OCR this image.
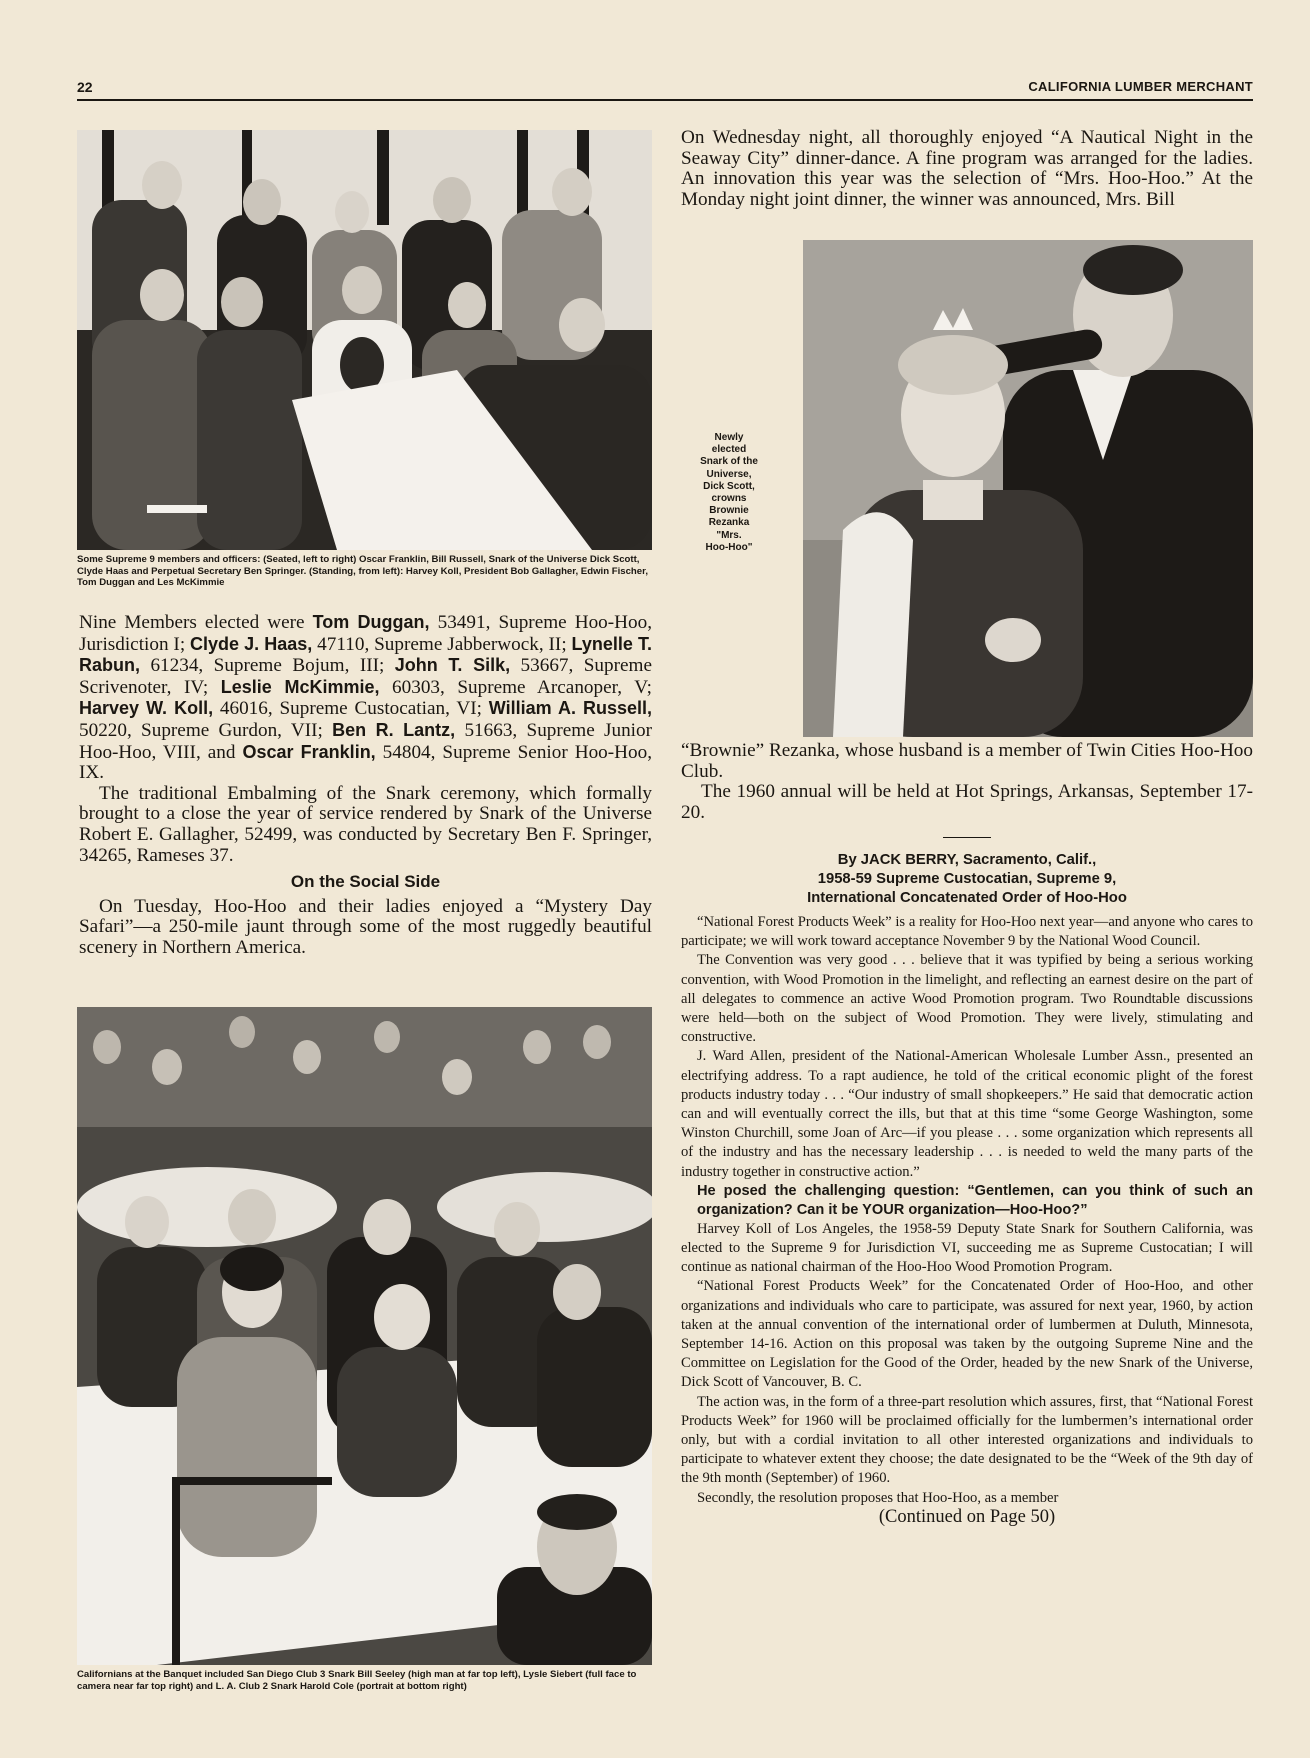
22	CALIFORNIA LUMBER MERCHANT
Some Supreme 9 members and officers: (Seated, left to right) Oscar Franklin, Bill Russell, Snark of the Universe Dick Scott, Clyde Haas and Perpetual Secretary Ben Springer. (Standing, from left): Harvey Koll, President Bob Gallagher, Edwin Fischer, Tom Duggan and Les McKimmie

Nine Members elected were Tom Duggan, 53491, Supreme Hoo-Hoo, Jurisdiction I; Clyde J. Haas, 47110, Supreme Jabberwock, II; Lynelle T. Rabun, 61234, Supreme Bojum, III; John T. Silk, 53667, Supreme Scrivenoter, IV; Leslie McKimmie, 60303, Supreme Arcanoper, V; Harvey W. Koll, 46016, Supreme Custocatian, VI; William A. Russell, 50220, Supreme Gurdon, VII; Ben R. Lantz, 51663, Supreme Junior Hoo-Hoo, VIII, and Oscar Franklin, 54804, Supreme Senior Hoo-Hoo, IX.

The traditional Embalming of the Snark ceremony, which formally brought to a close the year of service rendered by Snark of the Universe Robert E. Gallagher, 52499, was conducted by Secretary Ben F. Springer, 34265, Rameses 37.

On the Social Side

On Tuesday, Hoo-Hoo and their ladies enjoyed a “Mystery Day Safari”—a 250-mile jaunt through some of the most ruggedly beautiful scenery in Northern America.

Californians at the Banquet included San Diego Club 3 Snark Bill Seeley (high man at far top left), Lysle Siebert (full face to camera near far top right) and L. A. Club 2 Snark Harold Cole (portrait at bottom right)

On Wednesday night, all thoroughly enjoyed “A Nautical Night in the Seaway City” dinner-dance. A fine program was arranged for the ladies. An innovation this year was the selection of “Mrs. Hoo-Hoo.” At the Monday night joint dinner, the winner was announced, Mrs. Bill

Newly
elected
Snark of the
Universe,
Dick Scott,
crowns
Brownie
Rezanka
"Mrs.
Hoo-Hoo"

“Brownie” Rezanka, whose husband is a member of Twin Cities Hoo-Hoo Club.

The 1960 annual will be held at Hot Springs, Arkansas, September 17-20.

By JACK BERRY, Sacramento, Calif.,
1958-59 Supreme Custocatian, Supreme 9,
International Concatenated Order of Hoo-Hoo

“National Forest Products Week” is a reality for Hoo-Hoo next year—and anyone who cares to participate; we will work toward acceptance November 9 by the National Wood Council.

The Convention was very good . . . believe that it was typified by being a serious working convention, with Wood Promotion in the limelight, and reflecting an earnest desire on the part of all delegates to commence an active Wood Promotion program. Two Roundtable discussions were held—both on the subject of Wood Promotion. They were lively, stimulating and constructive.

J. Ward Allen, president of the National-American Wholesale Lumber Assn., presented an electrifying address. To a rapt audience, he told of the critical economic plight of the forest products industry today . . . “Our industry of small shopkeepers.” He said that democratic action can and will eventually correct the ills, but that at this time “some George Washington, some Winston Churchill, some Joan of Arc—if you please . . . some organization which represents all of the industry and has the necessary leadership . . . is needed to weld the many parts of the industry together in constructive action.”

He posed the challenging question: “Gentlemen, can you think of such an organization? Can it be YOUR organization—Hoo-Hoo?”

Harvey Koll of Los Angeles, the 1958-59 Deputy State Snark for Southern California, was elected to the Supreme 9 for Jurisdiction VI, succeeding me as Supreme Custocatian; I will continue as national chairman of the Hoo-Hoo Wood Promotion Program.

“National Forest Products Week” for the Concatenated Order of Hoo-Hoo, and other organizations and individuals who care to participate, was assured for next year, 1960, by action taken at the annual convention of the international order of lumbermen at Duluth, Minnesota, September 14-16. Action on this proposal was taken by the outgoing Supreme Nine and the Committee on Legislation for the Good of the Order, headed by the new Snark of the Universe, Dick Scott of Vancouver, B. C.

The action was, in the form of a three-part resolution which assures, first, that “National Forest Products Week” for 1960 will be proclaimed officially for the lumbermen’s international order only, but with a cordial invitation to all other interested organizations and individuals to participate to whatever extent they choose; the date designated to be the “Week of the 9th day of the 9th month (September) of 1960.

Secondly, the resolution proposes that Hoo-Hoo, as a member

(Continued on Page 50)
